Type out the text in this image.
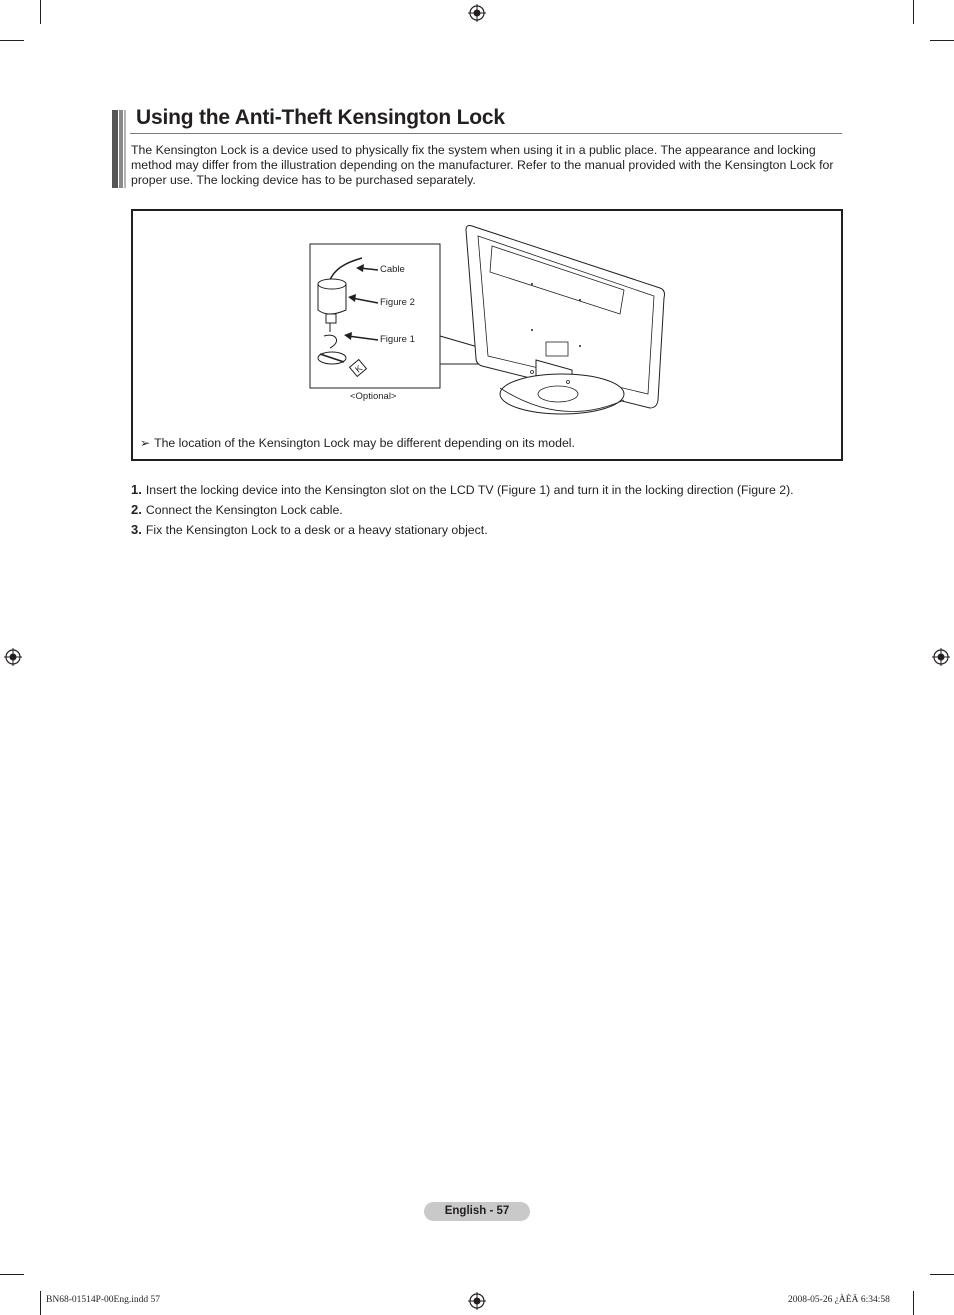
Using the Anti-Theft Kensington Lock
The Kensington Lock is a device used to physically fix the system when using it in a public place. The appearance and locking method may differ from the illustration depending on the manufacturer. Refer to the manual provided with the Kensington Lock for proper use. The locking device has to be purchased separately.
K
Cable
Figure 2
Figure 1
<Optional>
➢ The location of the Kensington Lock may be different depending on its model.
1. Insert the locking device into the Kensington slot on the LCD TV (Figure 1) and turn it in the locking direction (Figure 2).
2. Connect the Kensington Lock cable.
3. Fix the Kensington Lock to a desk or a heavy stationary object.
English - 57
BN68-01514P-00Eng.indd 57	2008-05-26 ¿ÀÈÄ 6:34:58
